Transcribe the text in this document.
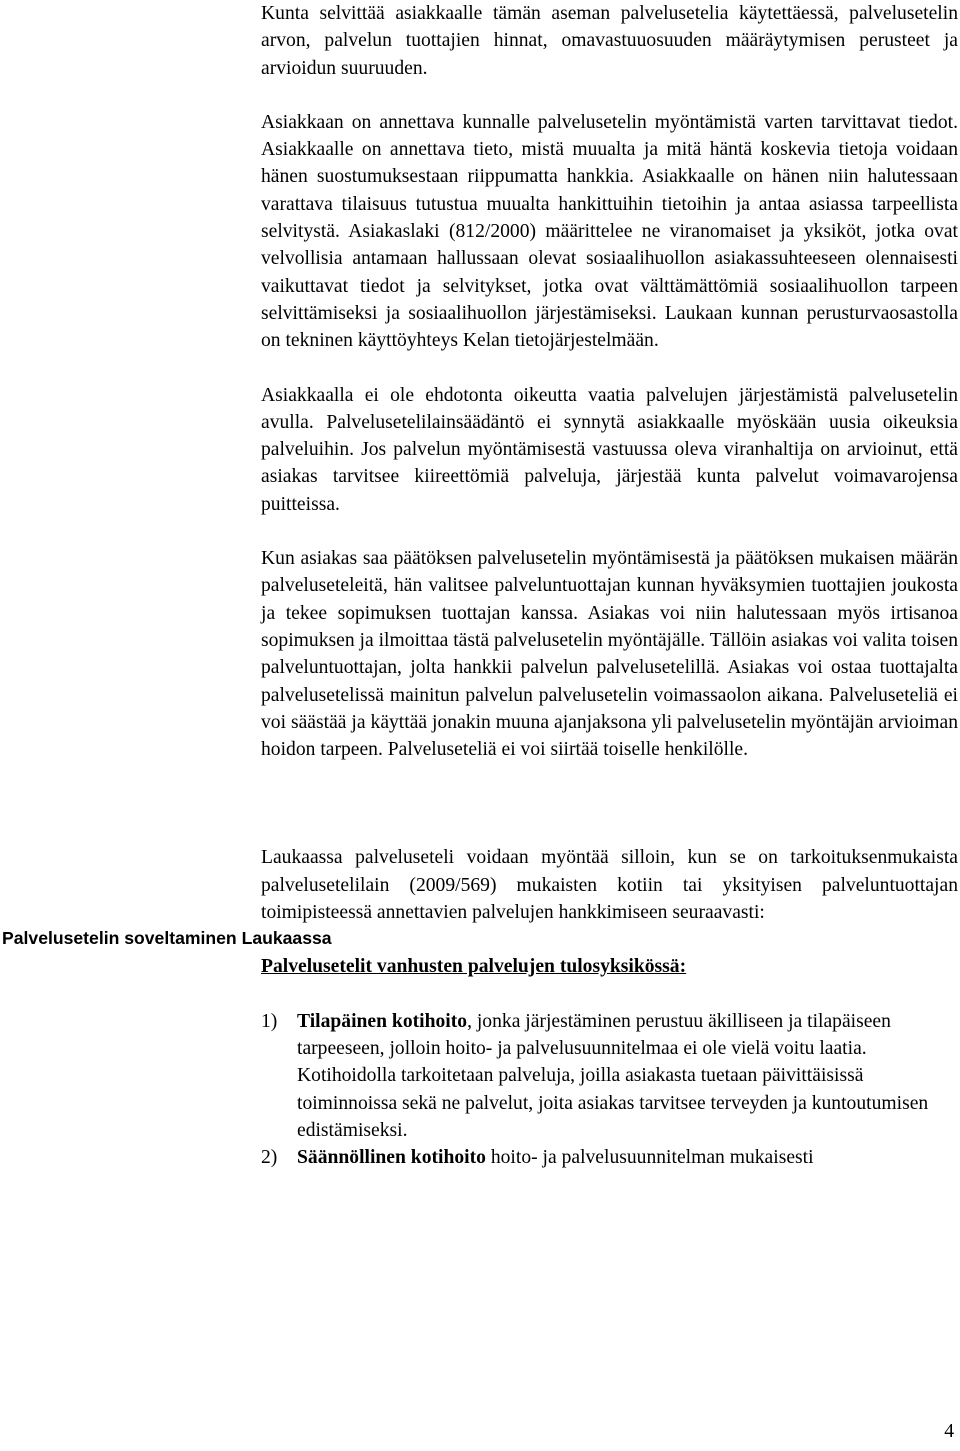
Kunta selvittää asiakkaalle tämän aseman palvelusetelia käytettäessä, palvelusetelin arvon, palvelun tuottajien hinnat, omavastuuosuuden määräytymisen perusteet ja arvioidun suuruuden.

Asiakkaan on annettava kunnalle palvelusetelin myöntämistä varten tarvittavat tiedot. Asiakkaalle on annettava tieto, mistä muualta ja mitä häntä koskevia tietoja voidaan hänen suostumuksestaan riippumatta hankkia. Asiakkaalle on hänen niin halutessaan varattava tilaisuus tutustua muualta hankittuihin tietoihin ja antaa asiassa tarpeellista selvitystä. Asiakaslaki (812/2000) määrittelee ne viranomaiset ja yksiköt, jotka ovat velvollisia antamaan hallussaan olevat sosiaalihuollon asiakassuhteeseen olennaisesti vaikuttavat tiedot ja selvitykset, jotka ovat välttämättömiä sosiaalihuollon tarpeen selvittämiseksi ja sosiaalihuollon järjestämiseksi. Laukaan kunnan perusturvaosastolla on tekninen käyttöyhteys Kelan tietojärjestelmään.

Asiakkaalla ei ole ehdotonta oikeutta vaatia palvelujen järjestämistä palvelusetelin avulla. Palvelusetelilainsäädäntö ei synnytä asiakkaalle myöskään uusia oikeuksia palveluihin. Jos palvelun myöntämisestä vastuussa oleva viranhaltija on arvioinut, että asiakas tarvitsee kiireettömiä palveluja, järjestää kunta palvelut voimavarojensa puitteissa.

Kun asiakas saa päätöksen palvelusetelin myöntämisestä ja päätöksen mukaisen määrän palveluseteleitä, hän valitsee palveluntuottajan kunnan hyväksymien tuottajien joukosta ja tekee sopimuksen tuottajan kanssa. Asiakas voi niin halutessaan myös irtisanoa sopimuksen ja ilmoittaa tästä palvelusetelin myöntäjälle. Tällöin asiakas voi valita toisen palveluntuottajan, jolta hankkii palvelun palvelusetelillä. Asiakas voi ostaa tuottajalta palvelusetelissä mainitun palvelun palvelusetelin voimassaolon aikana. Palveluseteliä ei voi säästää ja käyttää jonakin muuna ajanjaksona yli palvelusetelin myöntäjän arvioiman hoidon tarpeen. Palveluseteliä ei voi siirtää toiselle henkilölle.

Laukaassa palveluseteli voidaan myöntää silloin, kun se on tarkoituksenmukaista palvelusetelilain (2009/569) mukaisten kotiin tai yksityisen palveluntuottajan toimipisteessä annettavien palvelujen hankkimiseen seuraavasti:

Palvelusetelit vanhusten palvelujen tulosyksikössä:

1) Tilapäinen kotihoito, jonka järjestäminen perustuu äkilliseen ja tilapäiseen tarpeeseen, jolloin hoito- ja palvelusuunnitelmaa ei ole vielä voitu laatia. Kotihoidolla tarkoitetaan palveluja, joilla asiakasta tuetaan päivittäisissä toiminnoissa sekä ne palvelut, joita asiakas tarvitsee terveyden ja kuntoutumisen edistämiseksi.
2) Säännöllinen kotihoito hoito- ja palvelusuunnitelman mukaisesti
Palvelusetelin soveltaminen Laukaassa
4
